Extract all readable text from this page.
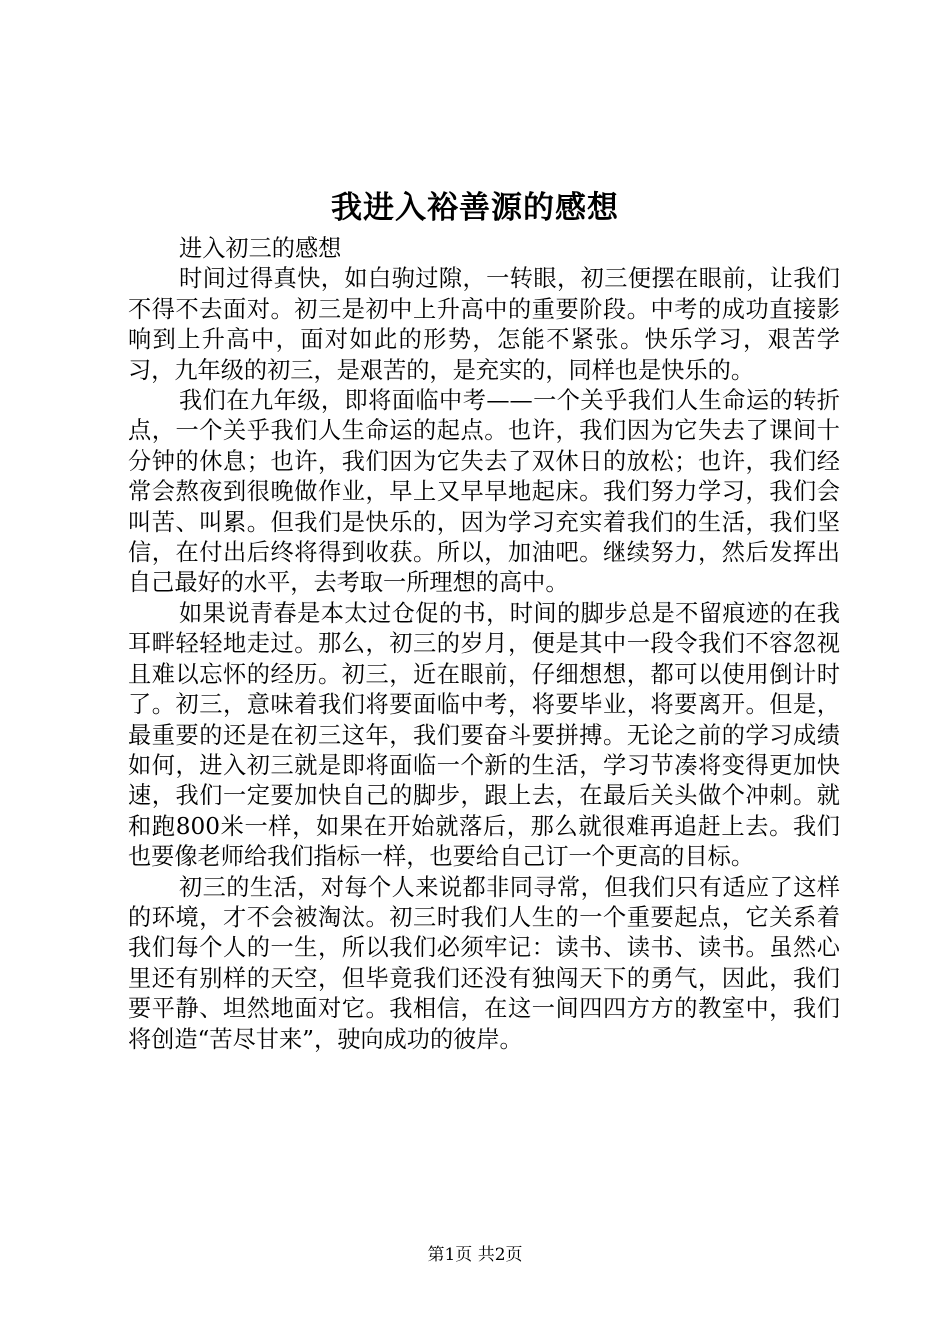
我进入裕善源的感想

进入初三的感想

时间过得真快，如白驹过隙，一转眼，初三便摆在眼前，让我们不得不去面对。初三是初中上升高中的重要阶段。中考的成功直接影响到上升高中，面对如此的形势，怎能不紧张。快乐学习，艰苦学习，九年级的初三，是艰苦的，是充实的，同样也是快乐的。

我们在九年级，即将面临中考——一个关乎我们人生命运的转折点，一个关乎我们人生命运的起点。也许，我们因为它失去了课间十分钟的休息；也许，我们因为它失去了双休日的放松；也许，我们经常会熬夜到很晚做作业，早上又早早地起床。我们努力学习，我们会叫苦、叫累。但我们是快乐的，因为学习充实着我们的生活，我们坚信，在付出后终将得到收获。所以，加油吧。继续努力，然后发挥出自己最好的水平，去考取一所理想的高中。

如果说青春是本太过仓促的书，时间的脚步总是不留痕迹的在我耳畔轻轻地走过。那么，初三的岁月，便是其中一段令我们不容忽视且难以忘怀的经历。初三，近在眼前，仔细想想，都可以使用倒计时了。初三，意味着我们将要面临中考，将要毕业，将要离开。但是，最重要的还是在初三这年，我们要奋斗要拼搏。无论之前的学习成绩如何，进入初三就是即将面临一个新的生活，学习节凑将变得更加快速，我们一定要加快自己的脚步，跟上去，在最后关头做个冲刺。就和跑800米一样，如果在开始就落后，那么就很难再追赶上去。我们也要像老师给我们指标一样，也要给自己订一个更高的目标。

初三的生活，对每个人来说都非同寻常，但我们只有适应了这样的环境，才不会被淘汰。初三时我们人生的一个重要起点，它关系着我们每个人的一生，所以我们必须牢记：读书、读书、读书。虽然心里还有别样的天空，但毕竟我们还没有独闯天下的勇气，因此，我们要平静、坦然地面对它。我相信，在这一间四四方方的教室中，我们将创造“苦尽甘来”，驶向成功的彼岸。

第1页 共2页
